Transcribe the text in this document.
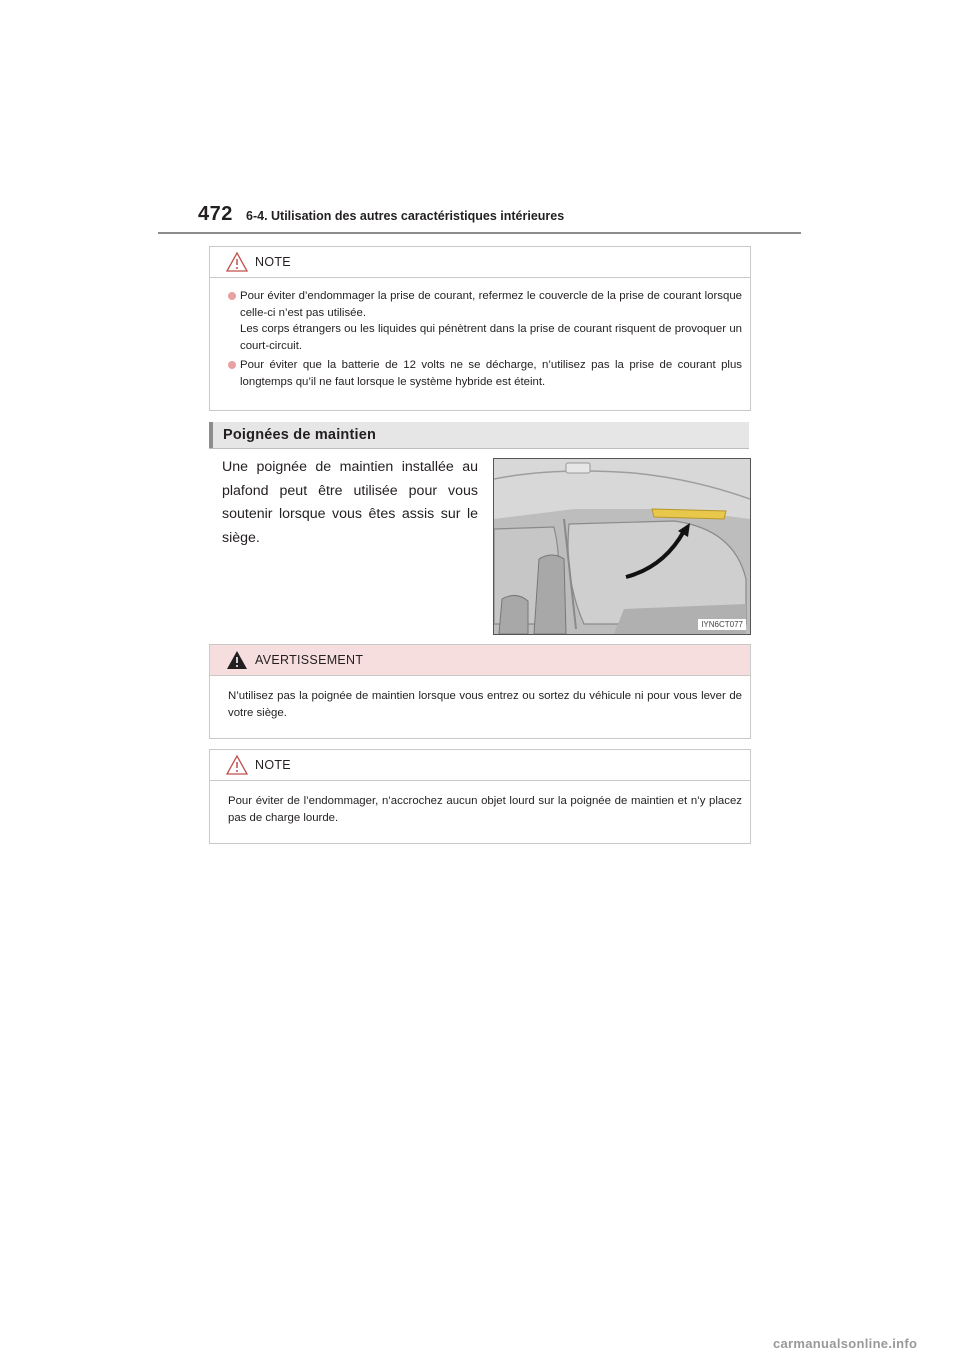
472 6-4. Utilisation des autres caractéristiques intérieures
NOTE
Pour éviter d’endommager la prise de courant, refermez le couvercle de la prise de courant lorsque celle-ci n’est pas utilisée.
Les corps étrangers ou les liquides qui pénètrent dans la prise de courant risquent de provoquer un court-circuit.
Pour éviter que la batterie de 12 volts ne se décharge, n’utilisez pas la prise de courant plus longtemps qu’il ne faut lorsque le système hybride est éteint.
Poignées de maintien
Une poignée de maintien installée au plafond peut être utilisée pour vous soutenir lorsque vous êtes assis sur le siège.
IYN6CT077
AVERTISSEMENT
N’utilisez pas la poignée de maintien lorsque vous entrez ou sortez du véhicule ni pour vous lever de votre siège.
NOTE
Pour éviter de l’endommager, n’accrochez aucun objet lourd sur la poignée de maintien et n’y placez pas de charge lourde.
carmanualsonline.info
